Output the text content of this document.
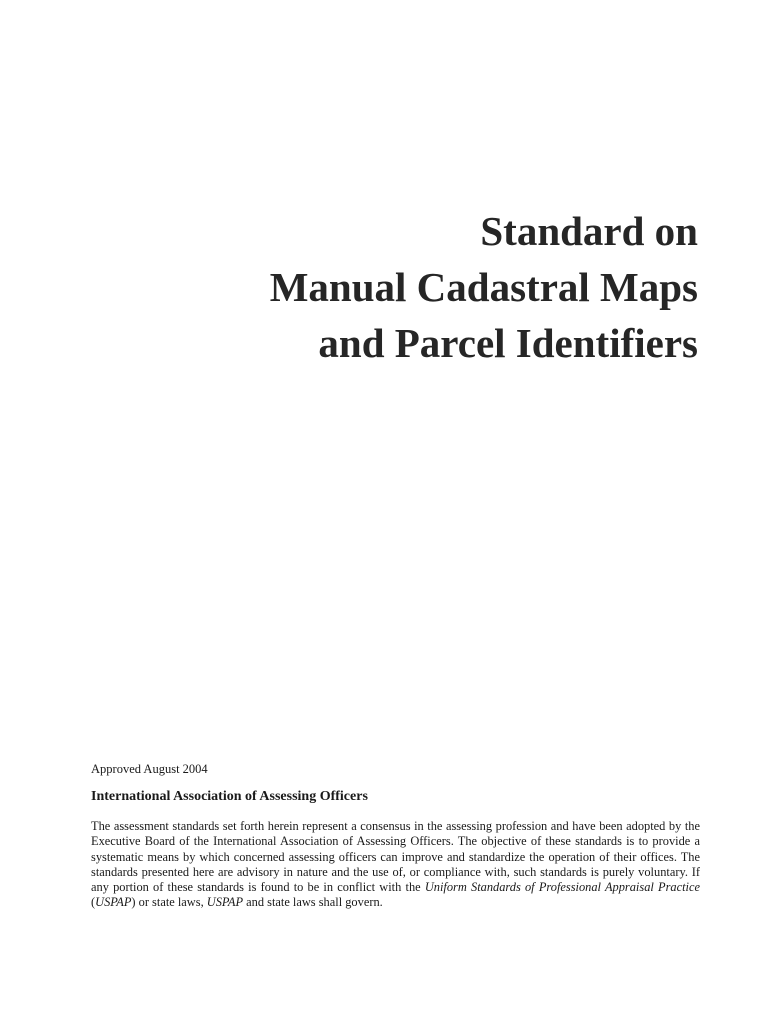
Standard on
Manual Cadastral Maps
and Parcel Identifiers
Approved August 2004
International Association of Assessing Officers

The assessment standards set forth herein represent a consensus in the assessing profession and have been adopted by the Executive Board of the International Association of Assessing Officers. The objective of these standards is to provide a systematic means by which concerned assessing officers can improve and standardize the operation of their offices. The standards presented here are advisory in nature and the use of, or compliance with, such standards is purely voluntary. If any portion of these standards is found to be in conflict with the Uniform Standards of Professional Appraisal Practice (USPAP) or state laws, USPAP and state laws shall govern.
